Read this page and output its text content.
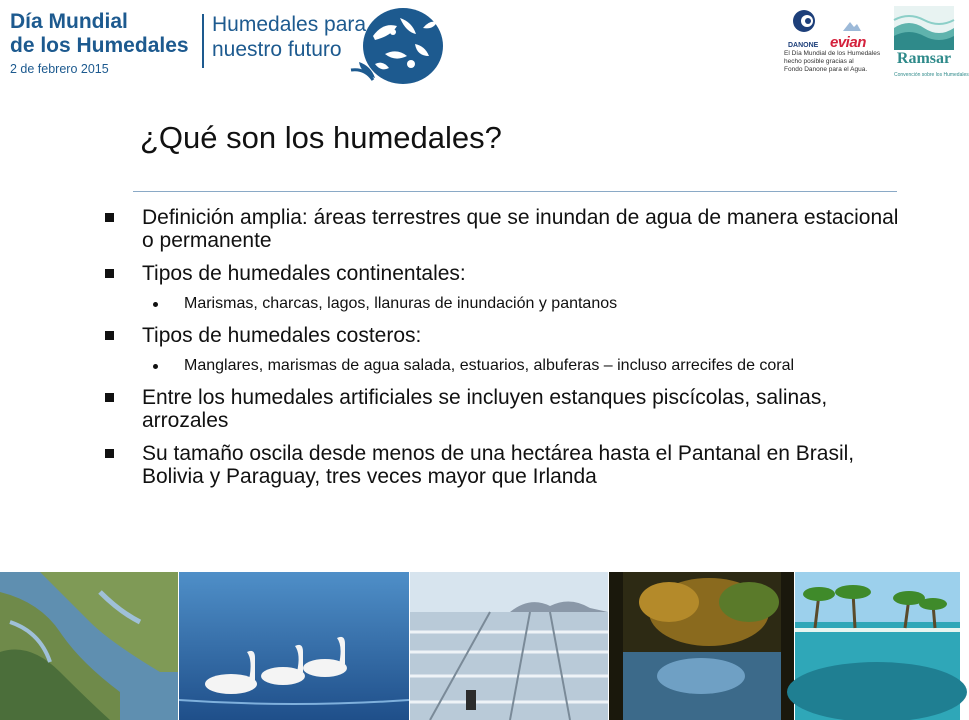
Día Mundial
de los Humedales
2 de febrero 2015
Humedales para
nuestro futuro	DANONE evian
El Día Mundial de los Humedales
hecho posible gracias al
Fondo Danone para el Agua.
Ramsar
Convención sobre los Humedales
¿Qué son los humedales?
Definición amplia: áreas terrestres que se inundan de agua de manera estacional o permanente
Tipos de humedales continentales:
Marismas, charcas, lagos, llanuras de inundación y pantanos
Tipos de humedales costeros:
Manglares, marismas de agua salada, estuarios, albuferas – incluso arrecifes de coral
Entre los humedales artificiales se incluyen estanques piscícolas, salinas, arrozales
Su tamaño oscila desde menos de una hectárea hasta el Pantanal en Brasil, Bolivia y Paraguay, tres veces mayor que Irlanda
